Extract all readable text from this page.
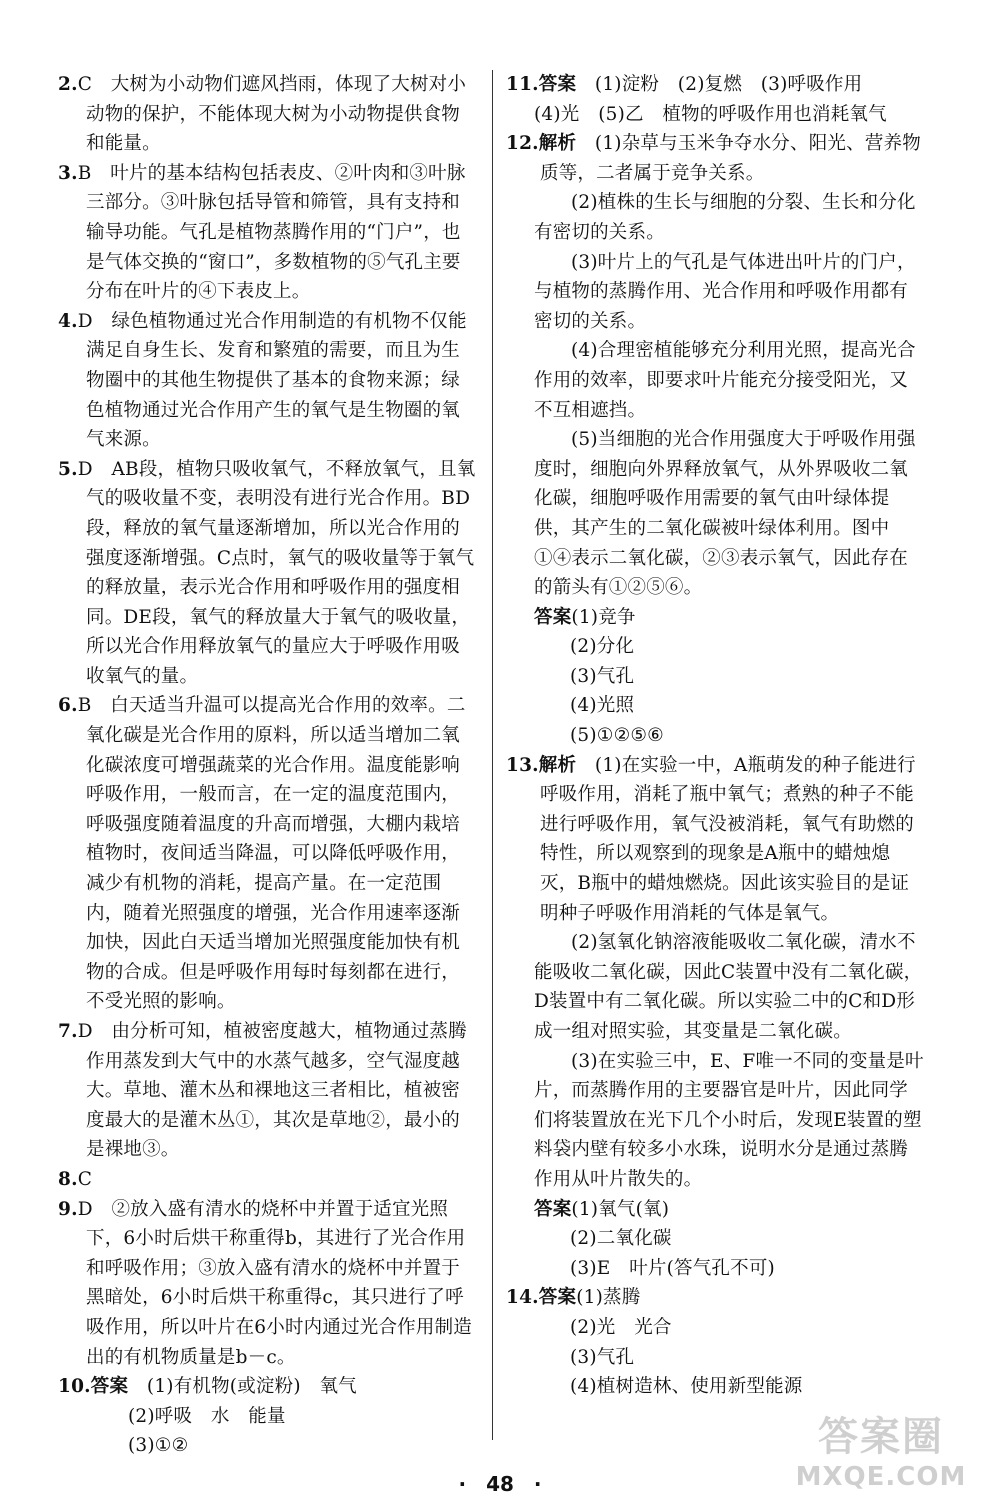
2.C　 大树为小动物们遮风挡雨，体现了大树对小动物的保护，不能体现大树为小动物提供食物和能量。

3.B　 叶片的基本结构包括表皮、②叶肉和③叶脉三部分。③叶脉包括导管和筛管，具有支持和输导功能。气孔是植物蒸腾作用的“门户”，也是气体交换的“窗口”，多数植物的⑤气孔主要分布在叶片的④下表皮上。

4.D　 绿色植物通过光合作用制造的有机物不仅能满足自身生长、发育和繁殖的需要，而且为生物圈中的其他生物提供了基本的食物来源；绿色植物通过光合作用产生的氧气是生物圈的氧气来源。

5.D　 AB段，植物只吸收氧气，不释放氧气，且氧气的吸收量不变，表明没有进行光合作用。BD段，释放的氧气量逐渐增加，所以光合作用的强度逐渐增强。C点时，氧气的吸收量等于氧气的释放量，表示光合作用和呼吸作用的强度相同。DE段，氧气的释放量大于氧气的吸收量，所以光合作用释放氧气的量应大于呼吸作用吸收氧气的量。

6.B　 白天适当升温可以提高光合作用的效率。二氧化碳是光合作用的原料，所以适当增加二氧化碳浓度可增强蔬菜的光合作用。温度能影响呼吸作用，一般而言，在一定的温度范围内，呼吸强度随着温度的升高而增强，大棚内栽培植物时，夜间适当降温，可以降低呼吸作用，减少有机物的消耗，提高产量。在一定范围内，随着光照强度的增强，光合作用速率逐渐加快，因此白天适当增加光照强度能加快有机物的合成。但是呼吸作用每时每刻都在进行，不受光照的影响。

7.D　 由分析可知，植被密度越大，植物通过蒸腾作用蒸发到大气中的水蒸气越多，空气湿度越大。草地、灌木丛和裸地这三者相比，植被密度最大的是灌木丛①，其次是草地②，最小的是裸地③。

8.C

9.D　 ②放入盛有清水的烧杯中并置于适宜光照下，6小时后烘干称重得b，其进行了光合作用和呼吸作用；③放入盛有清水的烧杯中并置于黑暗处，6小时后烘干称重得c，其只进行了呼吸作用，所以叶片在6小时内通过光合作用制造出的有机物质量是b－c。

10.答案　 (1)有机物(或淀粉)　氧气

(2)呼吸　水　能量

(3)①②

11.答案　 (1)淀粉　(2)复燃　(3)呼吸作用

(4)光　(5)乙　植物的呼吸作用也消耗氧气

12.解析　 (1)杂草与玉米争夺水分、阳光、营养物质等，二者属于竞争关系。

(2)植株的生长与细胞的分裂、生长和分化有密切的关系。

(3)叶片上的气孔是气体进出叶片的门户，与植物的蒸腾作用、光合作用和呼吸作用都有密切的关系。

(4)合理密植能够充分利用光照，提高光合作用的效率，即要求叶片能充分接受阳光，又不互相遮挡。

(5)当细胞的光合作用强度大于呼吸作用强度时，细胞向外界释放氧气，从外界吸收二氧化碳，细胞呼吸作用需要的氧气由叶绿体提供，其产生的二氧化碳被叶绿体利用。图中①④表示二氧化碳，②③表示氧气，因此存在的箭头有①②⑤⑥。

答案(1)竞争

(2)分化

(3)气孔

(4)光照

(5)①②⑤⑥

13.解析　 (1)在实验一中，A瓶萌发的种子能进行呼吸作用，消耗了瓶中氧气；煮熟的种子不能进行呼吸作用，氧气没被消耗，氧气有助燃的特性，所以观察到的现象是A瓶中的蜡烛熄灭，B瓶中的蜡烛燃烧。因此该实验目的是证明种子呼吸作用消耗的气体是氧气。

(2)氢氧化钠溶液能吸收二氧化碳，清水不能吸收二氧化碳，因此C装置中没有二氧化碳，D装置中有二氧化碳。所以实验二中的C和D形成一组对照实验，其变量是二氧化碳。

(3)在实验三中，E、F唯一不同的变量是叶片，而蒸腾作用的主要器官是叶片，因此同学们将装置放在光下几个小时后，发现E装置的塑料袋内壁有较多小水珠，说明水分是通过蒸腾作用从叶片散失的。

答案(1)氧气(氧)

(2)二氧化碳

(3)E　叶片(答气孔不可)

14.答案(1)蒸腾

(2)光　光合

(3)气孔

(4)植树造林、使用新型能源

·　48　·
答案圈
MXQE.COM
